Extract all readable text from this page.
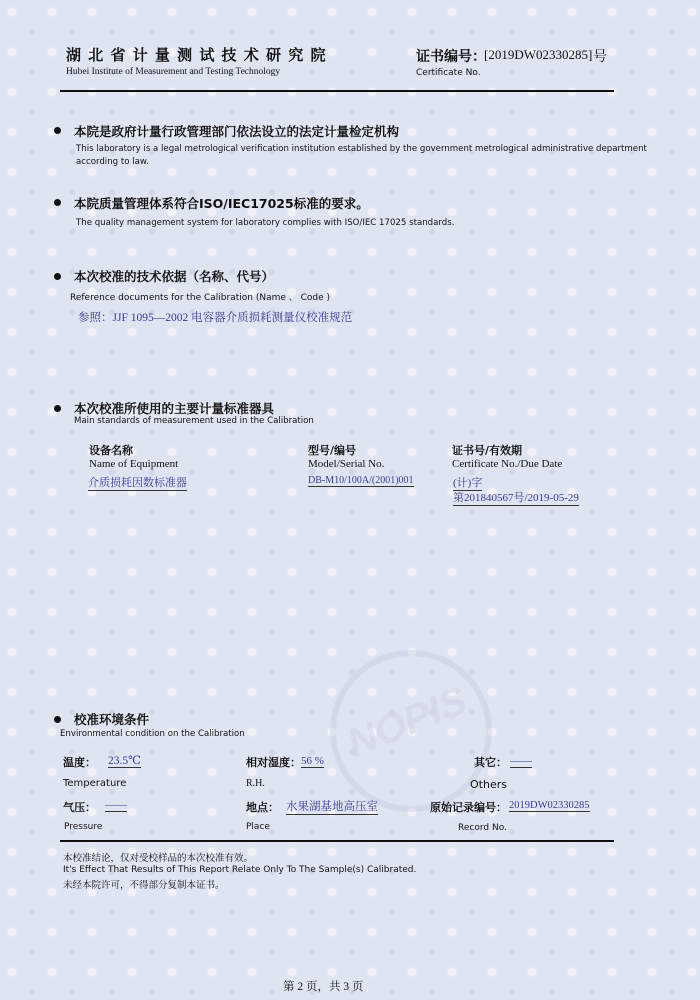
NOPIS
湖 北 省 计 量 测 试 技 术 研 究 院
Hubei Institute of Measurement and Testing Technology
证书编号：
[2019DW02330285] 号
Certificate No.
本院是政府计量行政管理部门依法设立的法定计量检定机构
This laboratory is a legal metrological verification institution established by the government metrological administrative department
according to law.
本院质量管理体系符合ISO/IEC17025标准的要求。
The quality management system for laboratory complies with ISO/IEC 17025 standards.
本次校准的技术依据（名称、代号）
Reference documents for the Calibration (Name 、 Code )
参照：JJF 1095—2002 电容器介质损耗测量仪校准规范
本次校准所使用的主要计量标准器具
Main standards of measurement used in the Calibration
设备名称
Name of Equipment
型号/编号
Model/Serial No.
证书号/有效期
Certificate No./Due Date
介质损耗因数标准器	DB-M10/100A/(2001)001	(计)字
第201840567号/2019-05-29
校准环境条件
Environmental condition on the Calibration
温度： 23.5℃
Temperature
相对湿度： 56 %
R.H.
其它： ——
Others
气压： ——
Pressure
地点： 水果湖基地高压室
Place
原始记录编号： 2019DW02330285
Record No.
本校准结论，仅对受校样品的本次校准有效。
It's Effect That Results of This Report Relate Only To The Sample(s) Calibrated.
未经本院许可，不得部分复制本证书。
第 2 页，共 3 页
